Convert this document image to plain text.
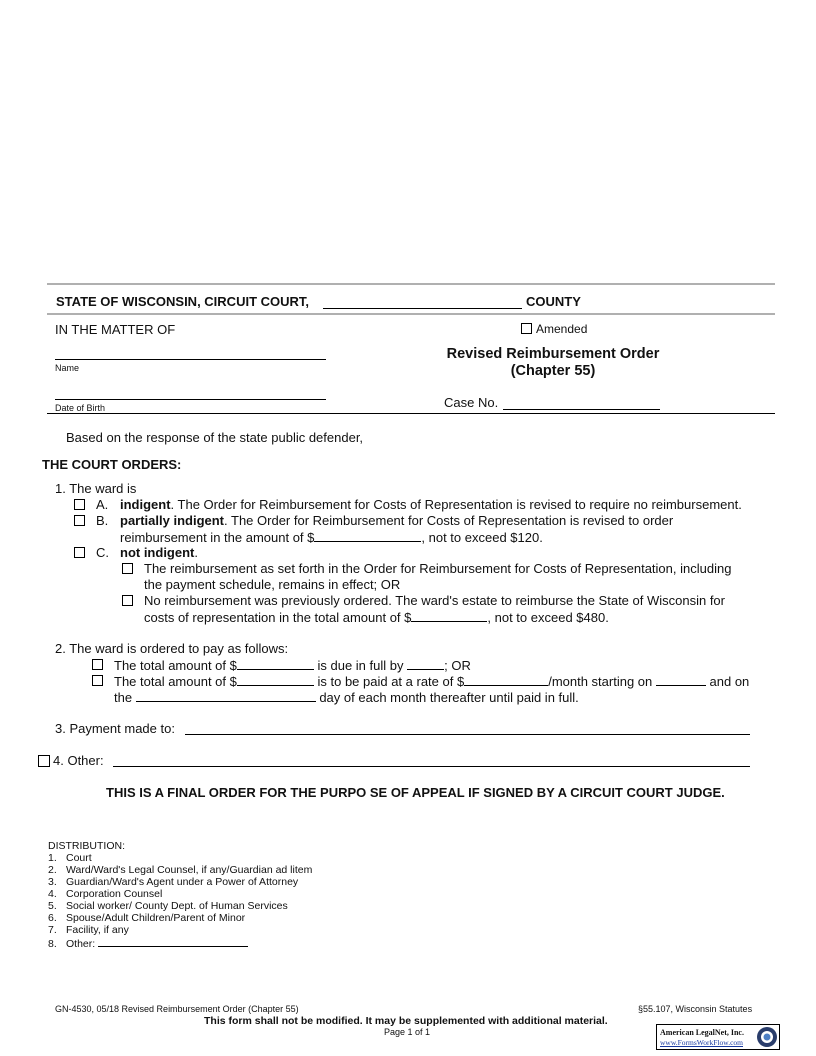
STATE OF WISCONSIN, CIRCUIT COURT,	COUNTY
IN THE MATTER OF	Amended
Name
Revised Reimbursement Order
(Chapter 55)
Date of Birth	Case No.
Based on the response of the state public defender,
THE COURT ORDERS:
1. The ward is
A. indigent. The Order for Reimbursement for Costs of Representation is revised to require no reimbursement.
B. partially indigent. The Order for Reimbursement for Costs of Representation is revised to order
reimbursement in the amount of $	, not to exceed $120.
C. not indigent.
The reimbursement as set forth in the Order for Reimbursement for Costs of Representation, including
the payment schedule, remains in effect; OR
No reimbursement was previously ordered. The ward's estate to reimburse the State of Wisconsin for
costs of representation in the total amount of $	, not to exceed $480.
2. The ward is ordered to pay as follows:
The total amount of $	is due in full by	; OR
The total amount of $	is to be paid at a rate of $	/month starting on	and on
the	day of each month thereafter until paid in full.
3. Payment made to:
4. Other:
THIS IS A FINAL ORDER FOR THE PURPO SE OF APPEAL IF SIGNED BY A CIRCUIT COURT JUDGE.
DISTRIBUTION:
1. Court
2. Ward/Ward's Legal Counsel, if any/Guardian ad litem
3. Guardian/Ward's Agent under a Power of Attorney
4. Corporation Counsel
5. Social worker/ County Dept. of Human Services
6. Spouse/Adult Children/Parent of Minor
7. Facility, if any
8. Other:
GN-4530, 05/18 Revised Reimbursement Order (Chapter 55)	§55.107, Wisconsin Statutes
This form shall not be modified. It may be supplemented with additional material.
Page 1 of 1	American LegalNet, Inc.
www.FormsWorkFlow.com
